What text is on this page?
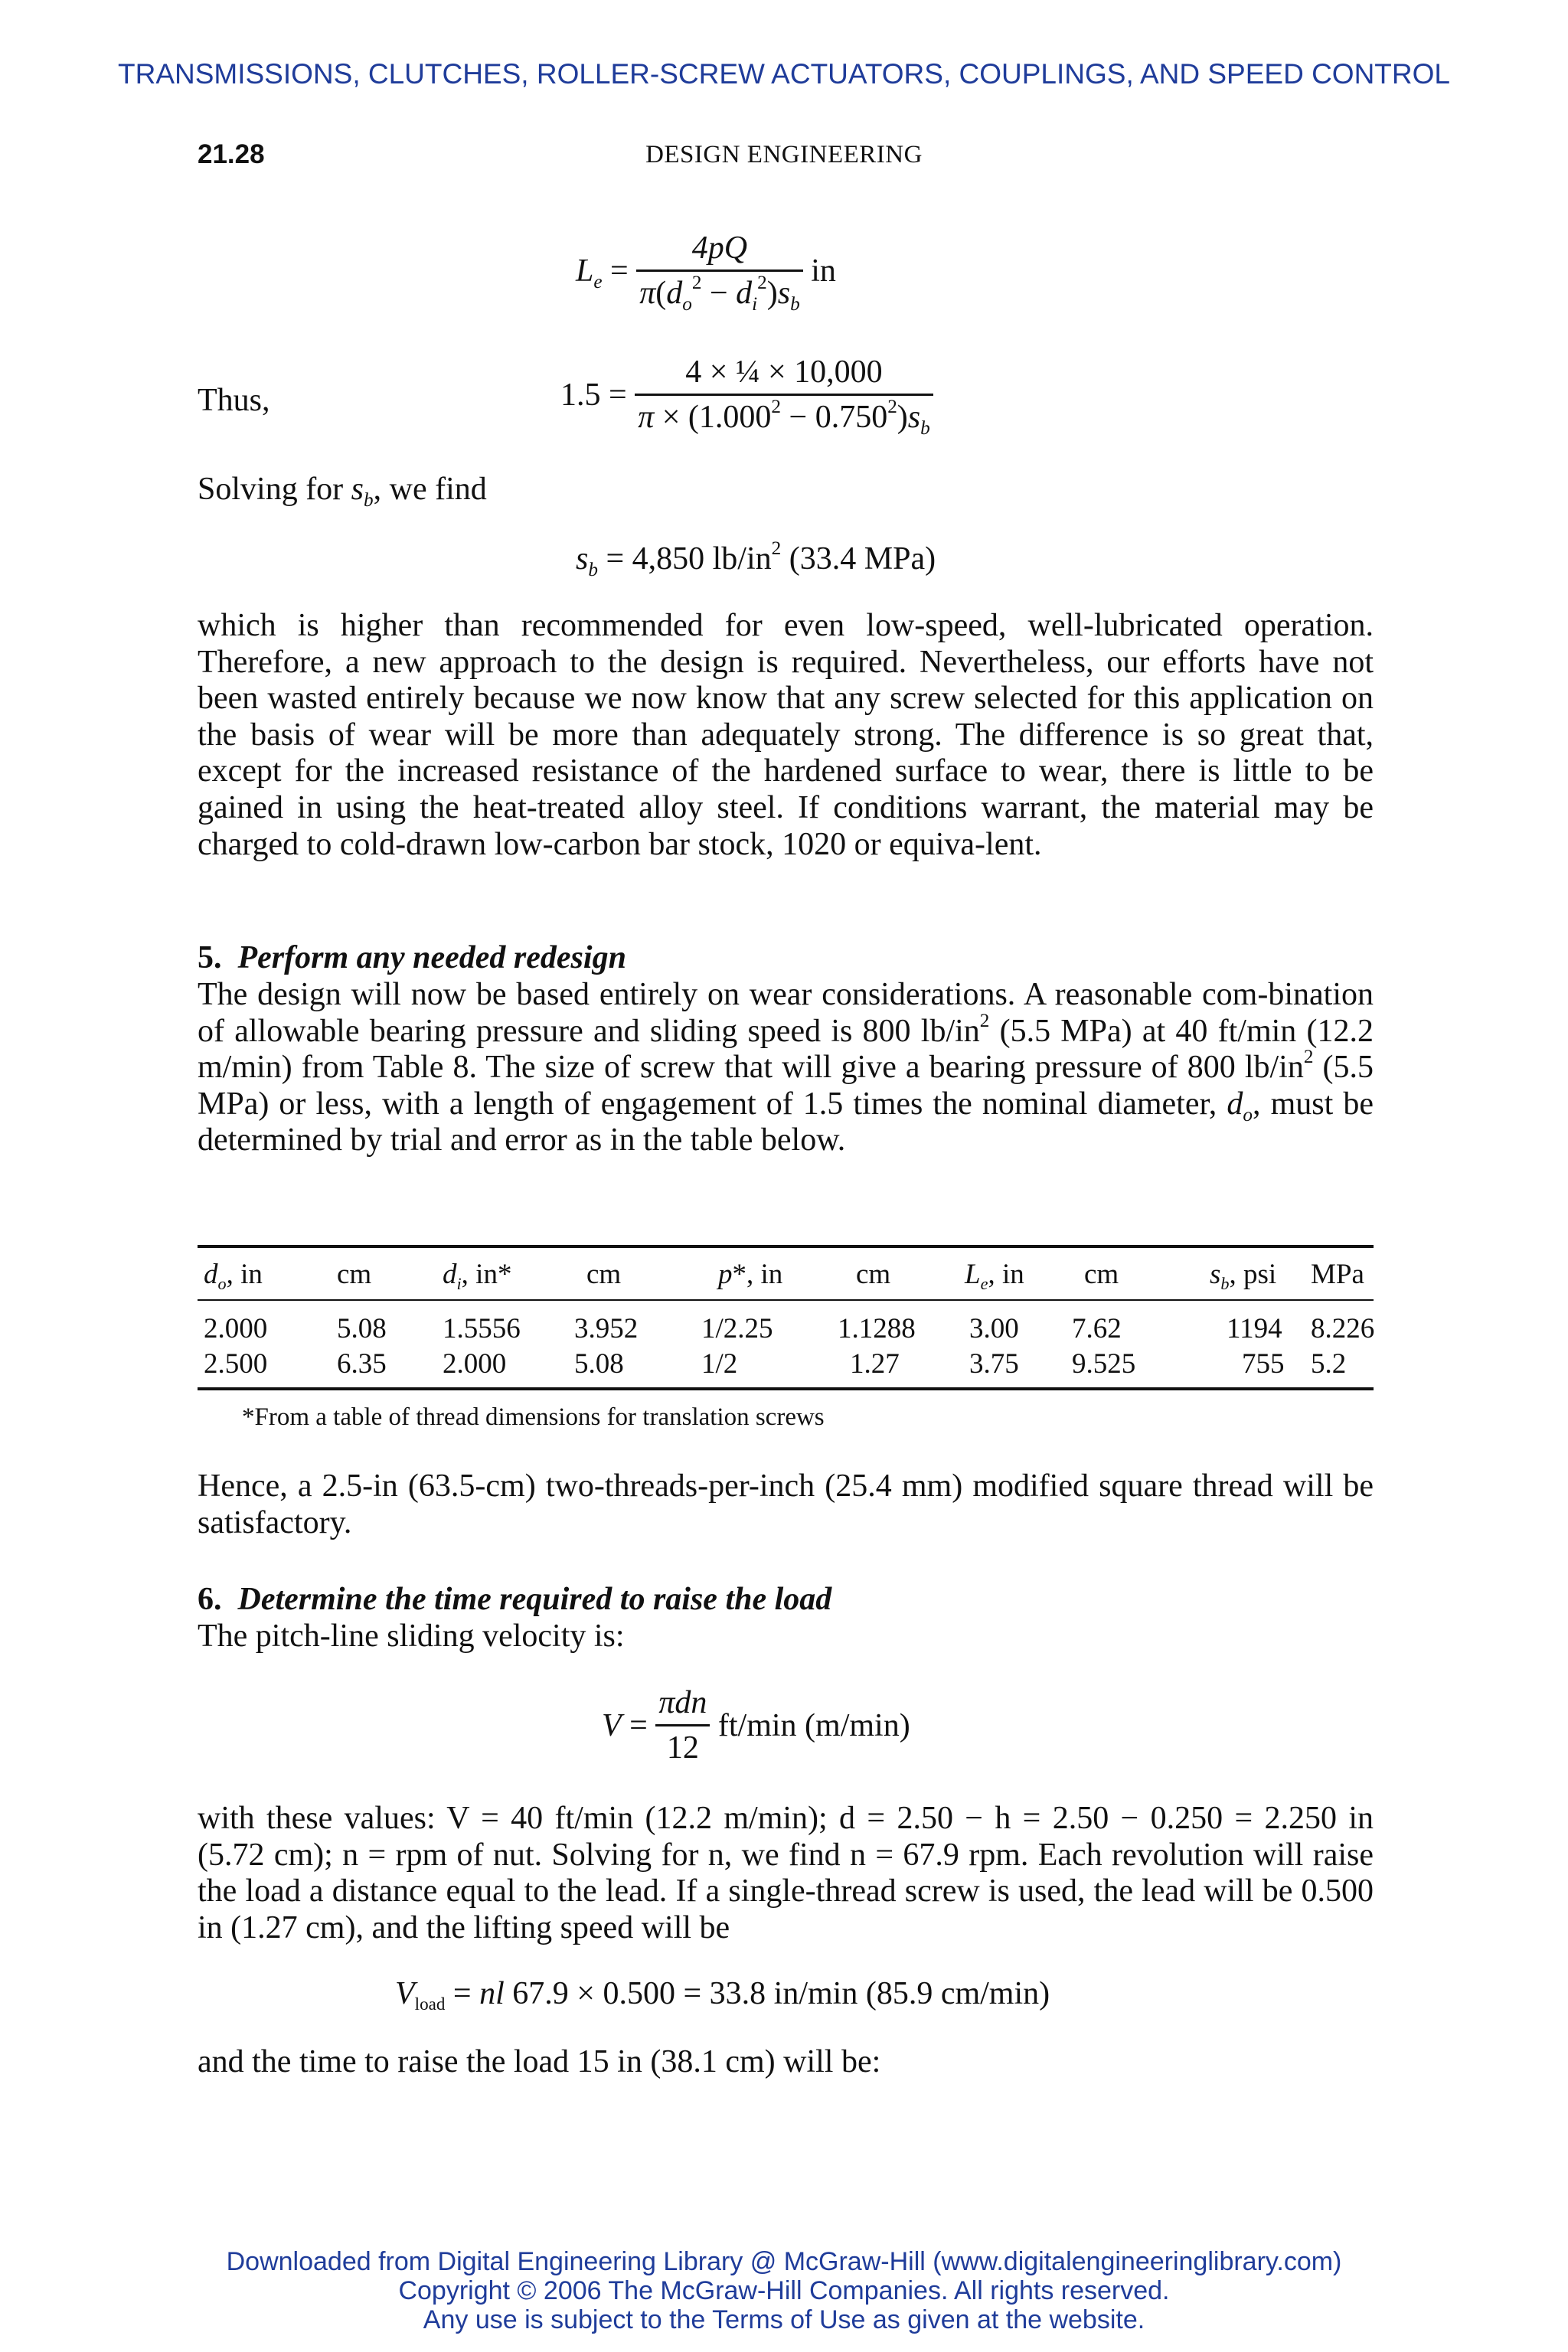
TRANSMISSIONS, CLUTCHES, ROLLER-SCREW ACTUATORS, COUPLINGS, AND SPEED CONTROL
21.28	DESIGN ENGINEERING
$L_e = \frac{4pQ}{\pi(d_o^2 - d_i^2)s_b}$ in
Thus,	$1.5 = \frac{\text{4 × ¼ × 10,000}}{\pi \times (1.000^2 - 0.750^2)s_b}$
Solving for $s_b$, we find
$s_b = 4,850$ $lb/in^2$ (33.4 MPa)
which is higher than recommended for even low-speed, well-lubricated operation. Therefore, a new approach to the design is required. Nevertheless, our efforts have not been wasted entirely because we now know that any screw selected for this application on the basis of wear will be more than adequately strong. The difference is so great that, except for the increased resistance of the hardened surface to wear, there is little to be gained in using the heat-treated alloy steel. If conditions warrant, the material may be charged to cold-drawn low-carbon bar stock, 1020 or equiva-lent.
5. Perform any needed redesign
The design will now be based entirely on wear considerations. A reasonable com-bination of allowable bearing pressure and sliding speed is 800 $lb/in^2$ (5.5 MPa) at 40 ft/min (12.2 m/min) from Table 8. The size of screw that will give a bearing pressure of 800 $lb/in^2$ (5.5 MPa) or less, with a length of engagement of 1.5 times the nominal diameter, $d_o$, must be determined by trial and error as in the table below.
$d_o$, in	cm	$d_i$, in*	cm	p*, in	cm	$L_e$, in	cm	$s_b$, psi	MPa

2.000	5.08	1.5556	3.952	1/2.25	1.1288	3.00	7.62	1194	8.226
2.500	6.35	2.000	5.08	1/2	1.27	3.75	9.525	755	5.2
*From a table of thread dimensions for translation screws
Hence, a 2.5-in (63.5-cm) two-threads-per-inch (25.4 mm) modified square thread will be satisfactory.
6. Determine the time required to raise the load
The pitch-line sliding velocity is:
$V = \frac{\text{πdn}}{12} ft/\min$ (m/min)
with these values: V = 40 ft/min (12.2 m/min); d = 2.50 − h = 2.50 − 0.250 = 2.250 in (5.72 cm); n = rpm of nut. Solving for n, we find n = 67.9 rpm. Each revolution will raise the load a distance equal to the lead. If a single-thread screw is used, the lead will be 0.500 in (1.27 cm), and the lifting speed will be
$V_{load}$ = nl 67.9 × 0.500 = 33.8 in/min (85.9 cm/min)
and the time to raise the load 15 in (38.1 cm) will be:
Downloaded from Digital Engineering Library @ McGraw-Hill (www.digitalengineeringlibrary.com)
Copyright © 2006 The McGraw-Hill Companies. All rights reserved.
Any use is subject to the Terms of Use as given at the website.
